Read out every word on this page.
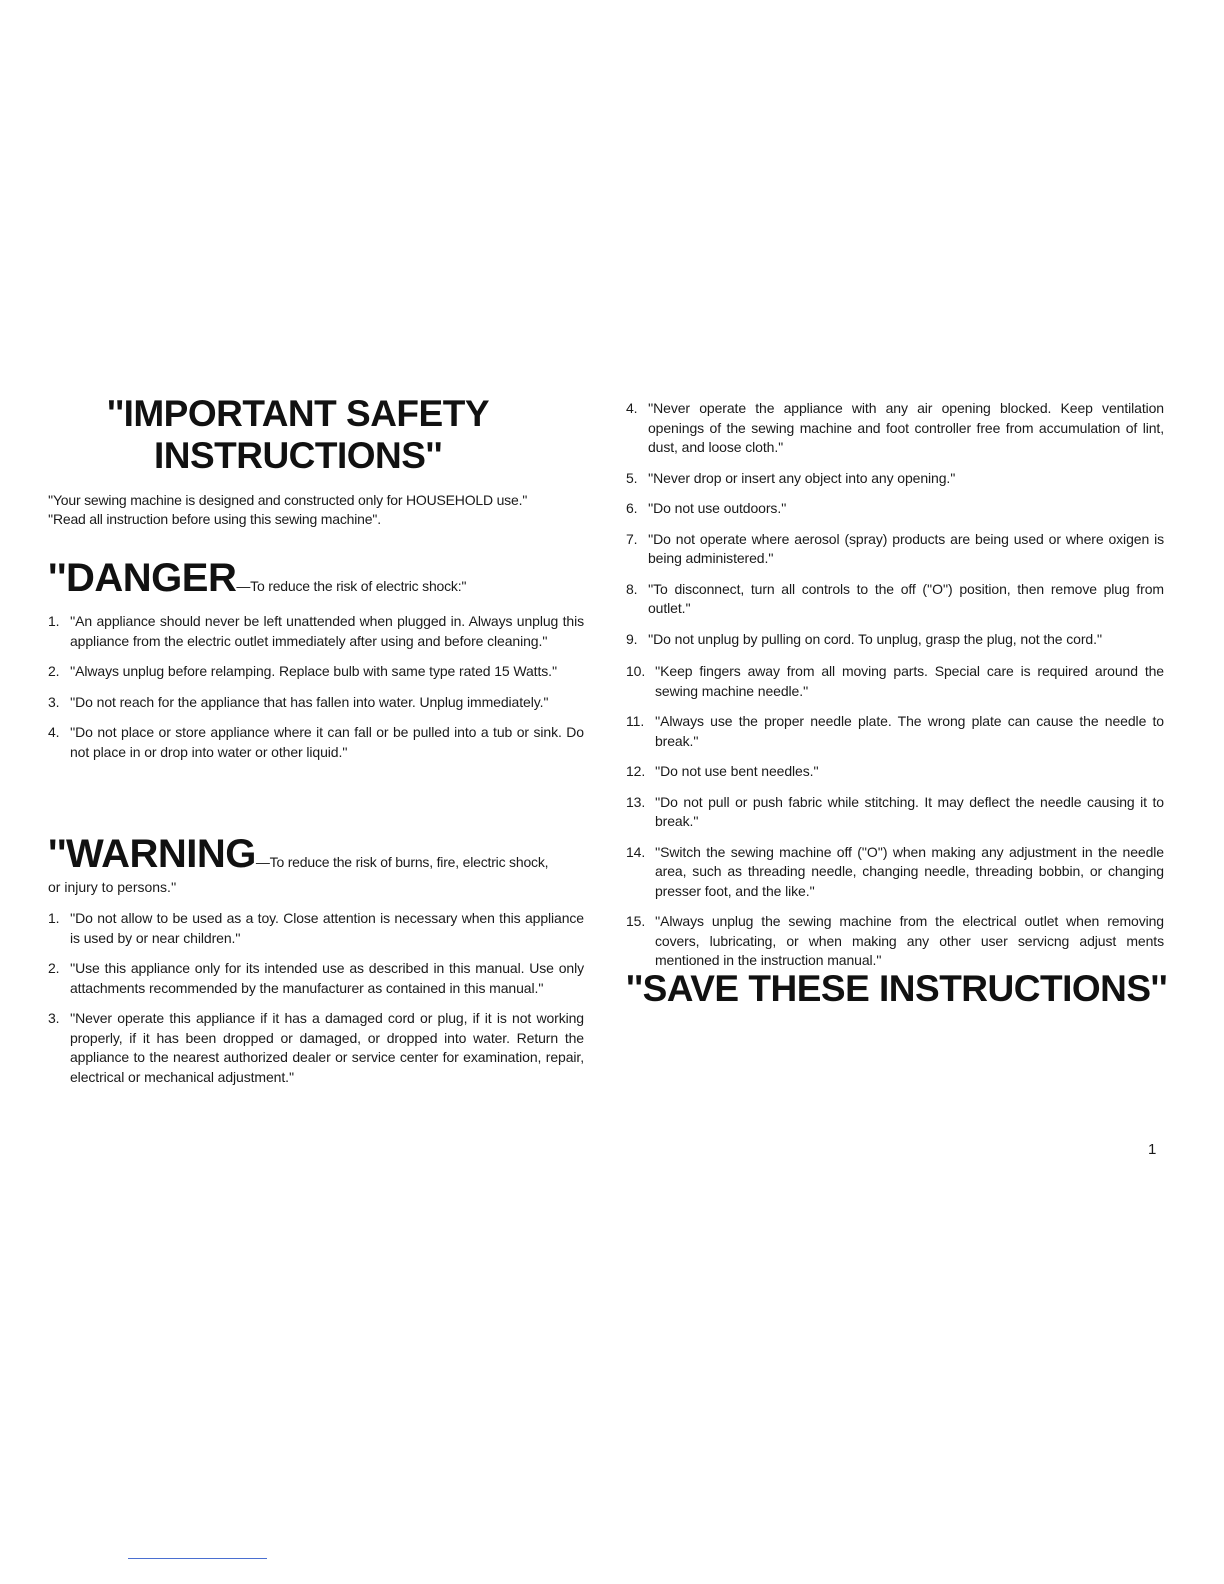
''IMPORTANT SAFETY INSTRUCTIONS''
''Your sewing machine is designed and constructed only for HOUSEHOLD use.''
''Read all instruction before using this sewing machine''.
''DANGER—To reduce the risk of electric shock:''
1. ''An appliance should never be left unattended when plugged in. Always unplug this appliance from the electric outlet immediately after using and before cleaning.''
2. ''Always unplug before relamping. Replace bulb with same type rated 15 Watts.''
3. ''Do not reach for the appliance that has fallen into water. Unplug immediately.''
4. ''Do not place or store appliance where it can fall or be pulled into a tub or sink. Do not place in or drop into water or other liquid.''
''WARNING—To reduce the risk of burns, fire, electric shock,
or injury to persons.''
1. ''Do not allow to be used as a toy. Close attention is necessary when this appliance is used by or near children.''
2. ''Use this appliance only for its intended use as described in this manual. Use only attachments recommended by the manufacturer as contained in this manual.''
3. ''Never operate this appliance if it has a damaged cord or plug, if it is not working properly, if it has been dropped or damaged, or dropped into water. Return the appliance to the nearest authorized dealer or service center for examination, repair, electrical or mechanical adjustment.''
4. ''Never operate the appliance with any air opening blocked. Keep ventilation openings of the sewing machine and foot controller free from accumulation of lint, dust, and loose cloth.''
5. ''Never drop or insert any object into any opening.''
6. ''Do not use outdoors.''
7. ''Do not operate where aerosol (spray) products are being used or where oxigen is being administered.''
8. ''To disconnect, turn all controls to the off (''O'') position, then remove plug from outlet.''
9. ''Do not unplug by pulling on cord. To unplug, grasp the plug, not the cord.''
10. ''Keep fingers away from all moving parts. Special care is required around the sewing machine needle.''
11. ''Always use the proper needle plate. The wrong plate can cause the needle to break.''
12. ''Do not use bent needles.''
13. ''Do not pull or push fabric while stitching. It may deflect the needle causing it to break.''
14. ''Switch the sewing machine off (''O'') when making any adjustment in the needle area, such as threading needle, changing needle, threading bobbin, or changing presser foot, and the like.''
15. ''Always unplug the sewing machine from the electrical outlet when removing covers, lubricating, or when making any other user servicng adjust ments mentioned in the instruction manual.''
''SAVE THESE INSTRUCTIONS''
1
